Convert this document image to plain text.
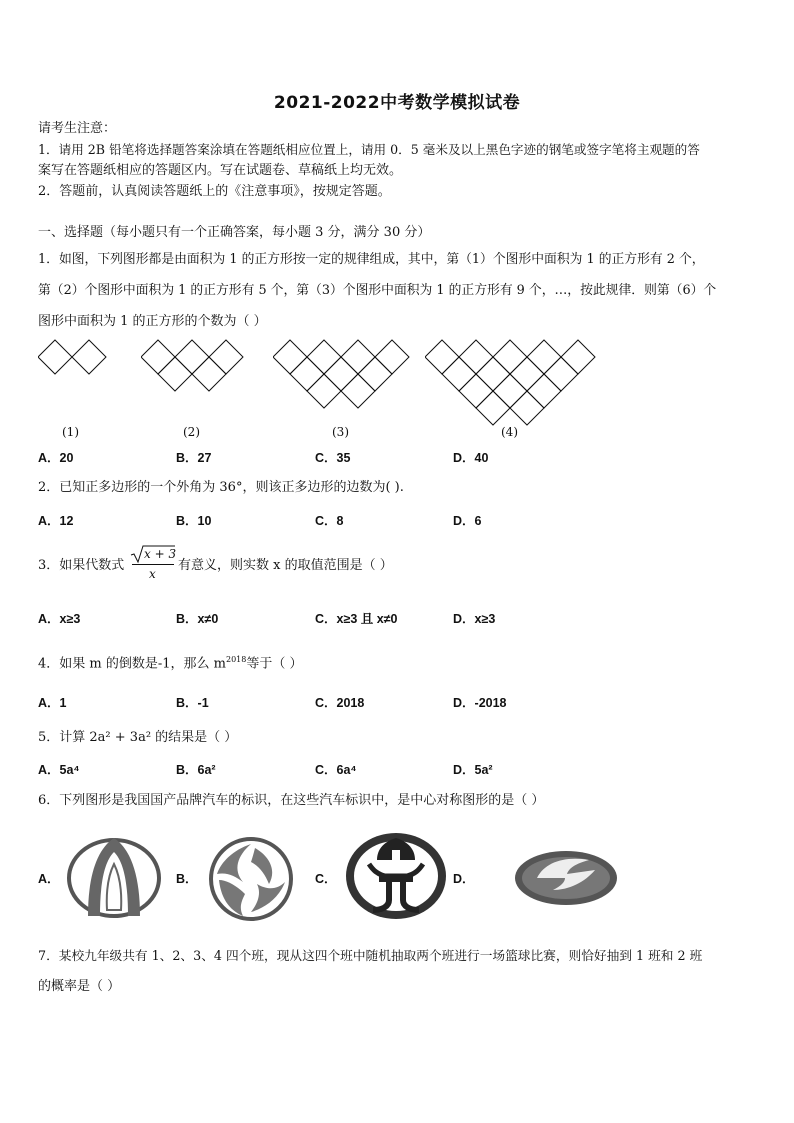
2021-2022中考数学模拟试卷
请考生注意：
1．请用 2B 铅笔将选择题答案涂填在答题纸相应位置上，请用 0．5 毫米及以上黑色字迹的钢笔或签字笔将主观题的答
案写在答题纸相应的答题区内。写在试题卷、草稿纸上均无效。
2．答题前，认真阅读答题纸上的《注意事项》，按规定答题。
一、选择题（每小题只有一个正确答案，每小题 3 分，满分 30 分）
1．如图，下列图形都是由面积为 1 的正方形按一定的规律组成，其中，第（1）个图形中面积为 1 的正方形有 2 个，
第（2）个图形中面积为 1 的正方形有 5 个，第（3）个图形中面积为 1 的正方形有 9 个，…，按此规律．则第（6）个
图形中面积为 1 的正方形的个数为（ ）
(1)	(2)	(3)	(4)
A．20	B．27	C．35	D．40
2．已知正多边形的一个外角为 36°，则该正多边形的边数为( ).
A．12	B．10	C．8	D．6
3．如果代数式
x + 3
x
有意义，则实数 x 的取值范围是（ ）
A．x≥3	B．x≠0	C．x≥3 且 x≠0	D．x≥3
4．如果 m 的倒数是-1，那么 $m^{2018}$等于（ ）
A．1	B．-1	C．2018	D．-2018
5．计算 2a² + 3a² 的结果是（ ）
A．5a⁴	B．6a²	C．6a⁴	D．5a²
6．下列图形是我国国产品牌汽车的标识，在这些汽车标识中，是中心对称图形的是（ ）
A．	B．	C．	D．
7．某校九年级共有 1、2、3、4 四个班，现从这四个班中随机抽取两个班进行一场篮球比赛，则恰好抽到 1 班和 2 班
的概率是（ ）
